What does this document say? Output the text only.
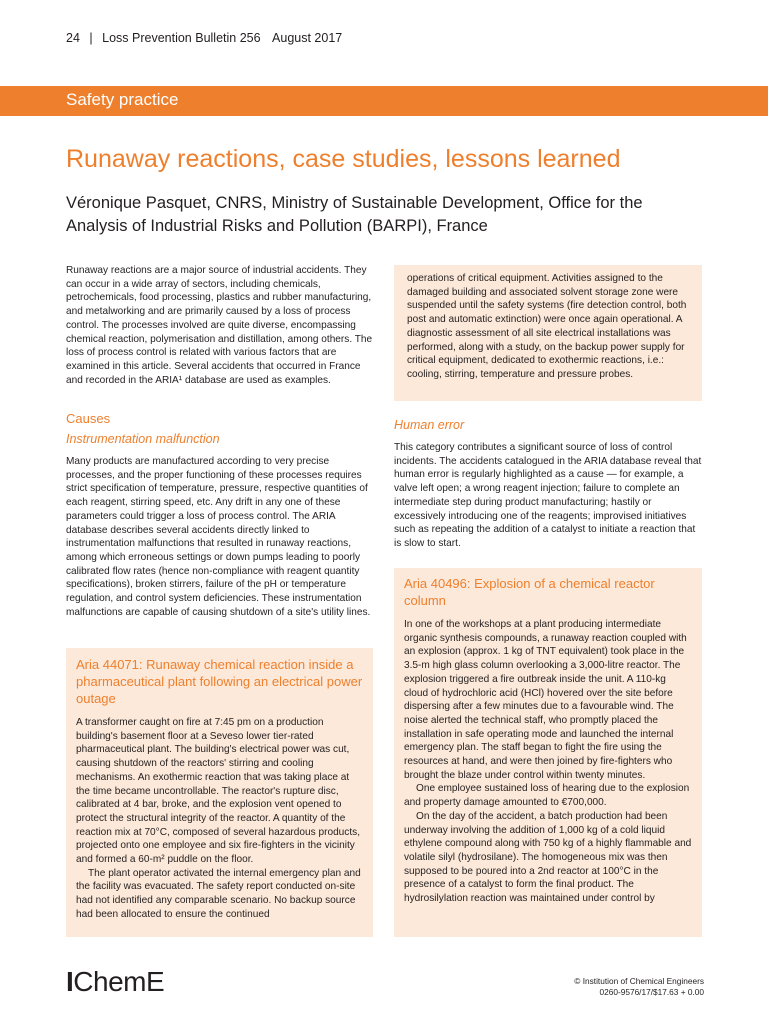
24 | Loss Prevention Bulletin 256 August 2017
Safety practice
Runaway reactions, case studies, lessons learned

Véronique Pasquet, CNRS, Ministry of Sustainable Development, Office for the Analysis of Industrial Risks and Pollution (BARPI), France

Runaway reactions are a major source of industrial accidents. They can occur in a wide array of sectors, including chemicals, petrochemicals, food processing, plastics and rubber manufacturing, and metalworking and are primarily caused by a loss of process control. The processes involved are quite diverse, encompassing chemical reaction, polymerisation and distillation, among others. The loss of process control is related with various factors that are examined in this article. Several accidents that occurred in France and recorded in the ARIA¹ database are used as examples.

Causes
Instrumentation malfunction

Many products are manufactured according to very precise processes, and the proper functioning of these processes requires strict specification of temperature, pressure, respective quantities of each reagent, stirring speed, etc. Any drift in any one of these parameters could trigger a loss of process control. The ARIA database describes several accidents directly linked to instrumentation malfunctions that resulted in runaway reactions, among which erroneous settings or down pumps leading to poorly calibrated flow rates (hence non-compliance with reagent quantity specifications), broken stirrers, failure of the pH or temperature regulation, and control system deficiencies. These instrumentation malfunctions are capable of causing shutdown of a site's utility lines.

Aria 44071: Runaway chemical reaction inside a pharmaceutical plant following an electrical power outage

A transformer caught on fire at 7:45 pm on a production building's basement floor at a Seveso lower tier-rated pharmaceutical plant. The building's electrical power was cut, causing shutdown of the reactors' stirring and cooling mechanisms. An exothermic reaction that was taking place at the time became uncontrollable. The reactor's rupture disc, calibrated at 4 bar, broke, and the explosion vent opened to protect the structural integrity of the reactor. A quantity of the reaction mix at 70°C, composed of several hazardous products, projected onto one employee and six fire-fighters in the vicinity and formed a 60-m² puddle on the floor.

The plant operator activated the internal emergency plan and the facility was evacuated. The safety report conducted on-site had not identified any comparable scenario. No backup source had been allocated to ensure the continued

operations of critical equipment. Activities assigned to the damaged building and associated solvent storage zone were suspended until the safety systems (fire detection control, both post and automatic extinction) were once again operational. A diagnostic assessment of all site electrical installations was performed, along with a study, on the backup power supply for critical equipment, dedicated to exothermic reactions, i.e.: cooling, stirring, temperature and pressure probes.

Human error

This category contributes a significant source of loss of control incidents. The accidents catalogued in the ARIA database reveal that human error is regularly highlighted as a cause — for example, a valve left open; a wrong reagent injection; failure to complete an intermediate step during product manufacturing; hastily or excessively introducing one of the reagents; improvised initiatives such as repeating the addition of a catalyst to initiate a reaction that is slow to start.

Aria 40496: Explosion of a chemical reactor column

In one of the workshops at a plant producing intermediate organic synthesis compounds, a runaway reaction coupled with an explosion (approx. 1 kg of TNT equivalent) took place in the 3.5-m high glass column overlooking a 3,000-litre reactor. The explosion triggered a fire outbreak inside the unit. A 110-kg cloud of hydrochloric acid (HCl) hovered over the site before dispersing after a few minutes due to a favourable wind. The noise alerted the technical staff, who promptly placed the installation in safe operating mode and launched the internal emergency plan. The staff began to fight the fire using the resources at hand, and were then joined by fire-fighters who brought the blaze under control within twenty minutes.

One employee sustained loss of hearing due to the explosion and property damage amounted to €700,000.

On the day of the accident, a batch production had been underway involving the addition of 1,000 kg of a cold liquid ethylene compound along with 750 kg of a highly flammable and volatile silyl (hydrosilane). The homogeneous mix was then supposed to be poured into a 2nd reactor at 100°C in the presence of a catalyst to form the final product. The hydrosilylation reaction was maintained under control by

IChemE	© Institution of Chemical Engineers
0260-9576/17/$17.63 + 0.00
